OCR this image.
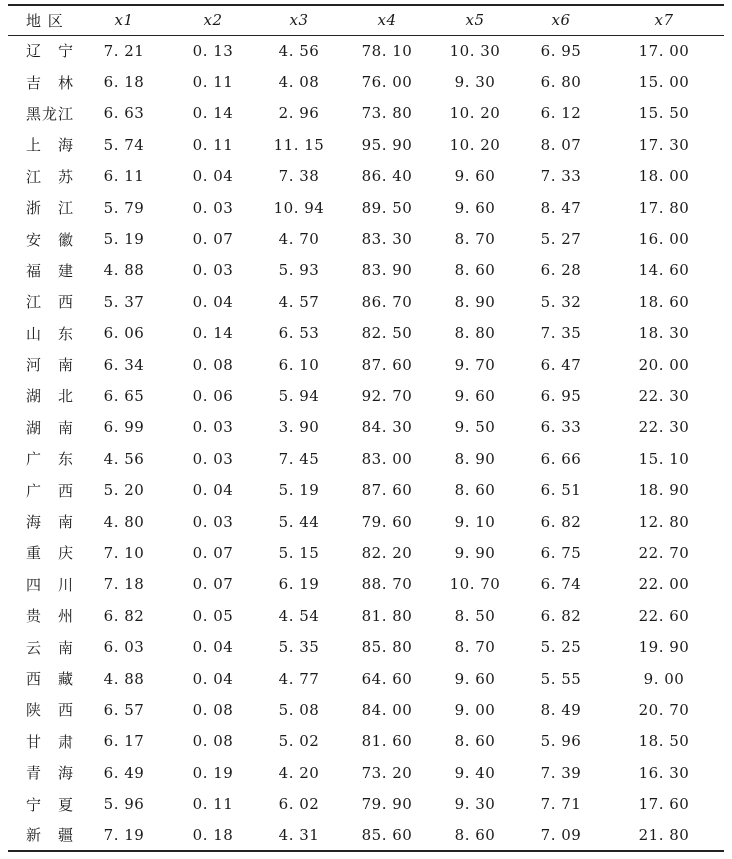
地 区	x1	x2	x3	x4	x5	x6	x7
辽　宁	7. 21	0. 13	4. 56	78. 10	10. 30	6. 95	17. 00
吉　林	6. 18	0. 11	4. 08	76. 00	9. 30	6. 80	15. 00
黑龙江	6. 63	0. 14	2. 96	73. 80	10. 20	6. 12	15. 50
上　海	5. 74	0. 11	11. 15	95. 90	10. 20	8. 07	17. 30
江　苏	6. 11	0. 04	7. 38	86. 40	9. 60	7. 33	18. 00
浙　江	5. 79	0. 03	10. 94	89. 50	9. 60	8. 47	17. 80
安　徽	5. 19	0. 07	4. 70	83. 30	8. 70	5. 27	16. 00
福　建	4. 88	0. 03	5. 93	83. 90	8. 60	6. 28	14. 60
江　西	5. 37	0. 04	4. 57	86. 70	8. 90	5. 32	18. 60
山　东	6. 06	0. 14	6. 53	82. 50	8. 80	7. 35	18. 30
河　南	6. 34	0. 08	6. 10	87. 60	9. 70	6. 47	20. 00
湖　北	6. 65	0. 06	5. 94	92. 70	9. 60	6. 95	22. 30
湖　南	6. 99	0. 03	3. 90	84. 30	9. 50	6. 33	22. 30
广　东	4. 56	0. 03	7. 45	83. 00	8. 90	6. 66	15. 10
广　西	5. 20	0. 04	5. 19	87. 60	8. 60	6. 51	18. 90
海　南	4. 80	0. 03	5. 44	79. 60	9. 10	6. 82	12. 80
重　庆	7. 10	0. 07	5. 15	82. 20	9. 90	6. 75	22. 70
四　川	7. 18	0. 07	6. 19	88. 70	10. 70	6. 74	22. 00
贵　州	6. 82	0. 05	4. 54	81. 80	8. 50	6. 82	22. 60
云　南	6. 03	0. 04	5. 35	85. 80	8. 70	5. 25	19. 90
西　藏	4. 88	0. 04	4. 77	64. 60	9. 60	5. 55	9. 00
陕　西	6. 57	0. 08	5. 08	84. 00	9. 00	8. 49	20. 70
甘　肃	6. 17	0. 08	5. 02	81. 60	8. 60	5. 96	18. 50
青　海	6. 49	0. 19	4. 20	73. 20	9. 40	7. 39	16. 30
宁　夏	5. 96	0. 11	6. 02	79. 90	9. 30	7. 71	17. 60
新　疆	7. 19	0. 18	4. 31	85. 60	8. 60	7. 09	21. 80
